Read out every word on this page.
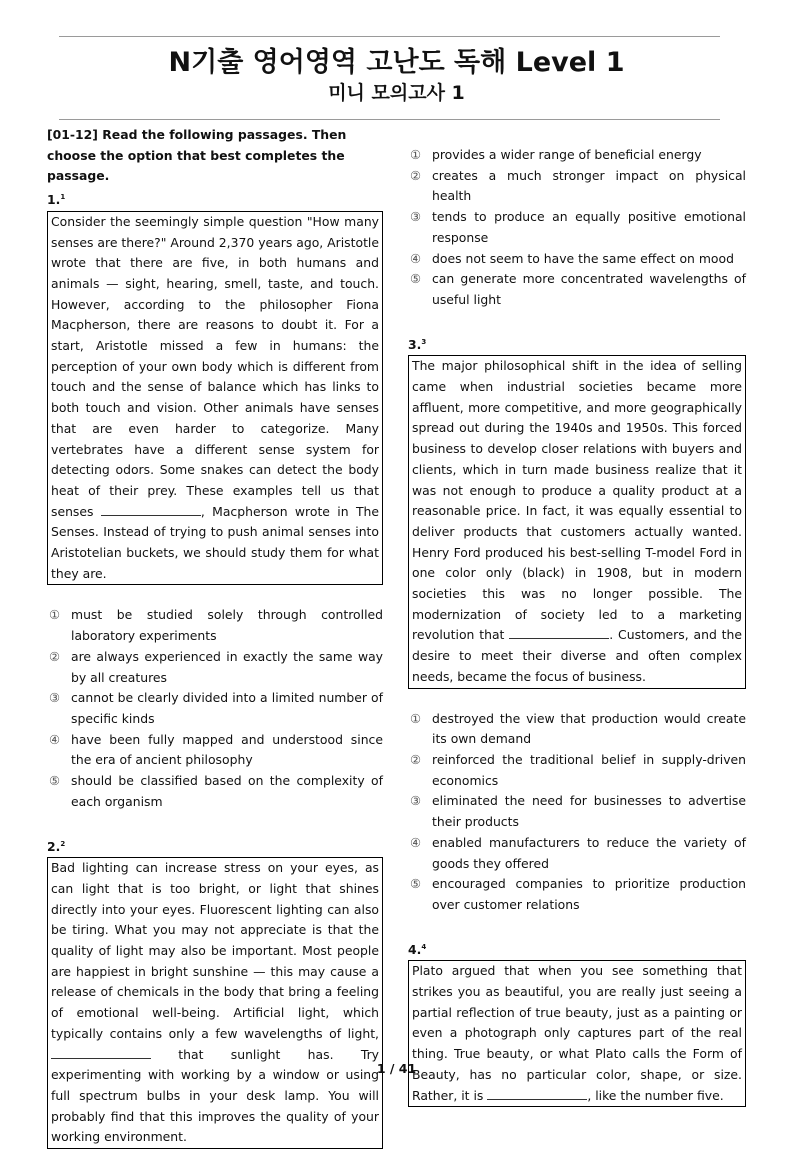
N기출 영어영역 고난도 독해 Level 1
미니 모의고사 1

[01-12] Read the following passages. Then choose the option that best completes the passage.

1.$^1$

Consider the seemingly simple question "How many senses are there?" Around 2,370 years ago, Aristotle wrote that there are five, in both humans and animals — sight, hearing, smell, taste, and touch. However, according to the philosopher Fiona Macpherson, there are reasons to doubt it. For a start, Aristotle missed a few in humans: the perception of your own body which is different from touch and the sense of balance which has links to both touch and vision. Other animals have senses that are even harder to categorize. Many vertebrates have a different sense system for detecting odors. Some snakes can detect the body heat of their prey. These examples tell us that senses	, Macpherson wrote in The Senses. Instead of trying to push animal senses into Aristotelian buckets, we should study them for what they are.
① must be studied solely through controlled laboratory experiments
② are always experienced in exactly the same way by all creatures
③ cannot be clearly divided into a limited number of specific kinds
④ have been fully mapped and understood since the era of ancient philosophy
⑤ should be classified based on the complexity of each organism

2.$^2$

Bad lighting can increase stress on your eyes, as can light that is too bright, or light that shines directly into your eyes. Fluorescent lighting can also be tiring. What you may not appreciate is that the quality of light may also be important. Most people are happiest in bright sunshine — this may cause a release of chemicals in the body that bring a feeling of emotional well-being. Artificial light, which typically contains only a few wavelengths of light,  that sunlight has. Try experimenting with working by a window or using full spectrum bulbs in your desk lamp. You will probably find that this improves the quality of your working environment.
① provides a wider range of beneficial energy
② creates a much stronger impact on physical health
③ tends to produce an equally positive emotional response
④ does not seem to have the same effect on mood
⑤ can generate more concentrated wavelengths of useful light

3.$^3$

The major philosophical shift in the idea of selling came when industrial societies became more affluent, more competitive, and more geographically spread out during the 1940s and 1950s. This forced business to develop closer relations with buyers and clients, which in turn made business realize that it was not enough to produce a quality product at a reasonable price. In fact, it was equally essential to deliver products that customers actually wanted. Henry Ford produced his best-selling T-model Ford in one color only (black) in 1908, but in modern societies this was no longer possible. The modernization of society led to a marketing revolution that	. Customers, and the desire to meet their diverse and often complex needs, became the focus of business.
① destroyed the view that production would create its own demand
② reinforced the traditional belief in supply-driven economics
③ eliminated the need for businesses to advertise their products
④ enabled manufacturers to reduce the variety of goods they offered
⑤ encouraged companies to prioritize production over customer relations

4.$^4$

Plato argued that when you see something that strikes you as beautiful, you are really just seeing a partial reflection of true beauty, just as a painting or even a photograph only captures part of the real thing. True beauty, or what Plato calls the Form of Beauty, has no particular color, shape, or size. Rather, it is	, like the number five.
1 / 41
